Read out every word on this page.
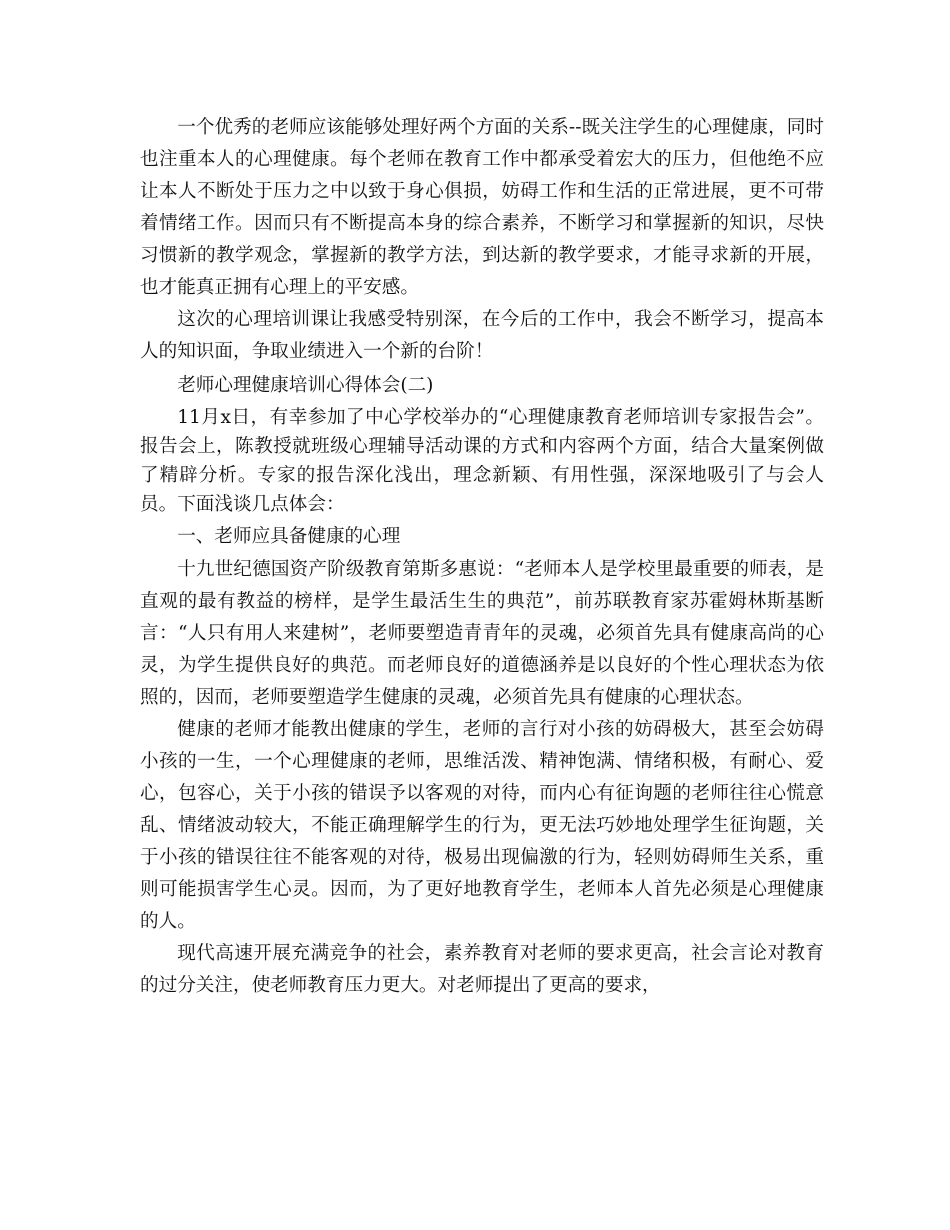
一个优秀的老师应该能够处理好两个方面的关系--既关注学生的心理健康，同时也注重本人的心理健康。每个老师在教育工作中都承受着宏大的压力，但他绝不应让本人不断处于压力之中以致于身心俱损，妨碍工作和生活的正常进展，更不可带着情绪工作。因而只有不断提高本身的综合素养，不断学习和掌握新的知识，尽快习惯新的教学观念，掌握新的教学方法，到达新的教学要求，才能寻求新的开展，也才能真正拥有心理上的平安感。

这次的心理培训课让我感受特别深，在今后的工作中，我会不断学习，提高本人的知识面，争取业绩进入一个新的台阶！

老师心理健康培训心得体会(二)

11月x日，有幸参加了中心学校举办的“心理健康教育老师培训专家报告会”。报告会上，陈教授就班级心理辅导活动课的方式和内容两个方面，结合大量案例做了精辟分析。专家的报告深化浅出，理念新颖、有用性强，深深地吸引了与会人员。下面浅谈几点体会：

一、老师应具备健康的心理

十九世纪德国资产阶级教育第斯多惠说：“老师本人是学校里最重要的师表，是直观的最有教益的榜样，是学生最活生生的典范”，前苏联教育家苏霍姆林斯基断言：“人只有用人来建树”，老师要塑造青青年的灵魂，必须首先具有健康高尚的心灵，为学生提供良好的典范。而老师良好的道德涵养是以良好的个性心理状态为依照的，因而，老师要塑造学生健康的灵魂，必须首先具有健康的心理状态。

健康的老师才能教出健康的学生，老师的言行对小孩的妨碍极大，甚至会妨碍小孩的一生，一个心理健康的老师，思维活泼、精神饱满、情绪积极，有耐心、爱心，包容心，关于小孩的错误予以客观的对待，而内心有征询题的老师往往心慌意乱、情绪波动较大，不能正确理解学生的行为，更无法巧妙地处理学生征询题，关于小孩的错误往往不能客观的对待，极易出现偏激的行为，轻则妨碍师生关系，重则可能损害学生心灵。因而，为了更好地教育学生，老师本人首先必须是心理健康的人。

现代高速开展充满竞争的社会，素养教育对老师的要求更高，社会言论对教育的过分关注，使老师教育压力更大。对老师提出了更高的要求，
